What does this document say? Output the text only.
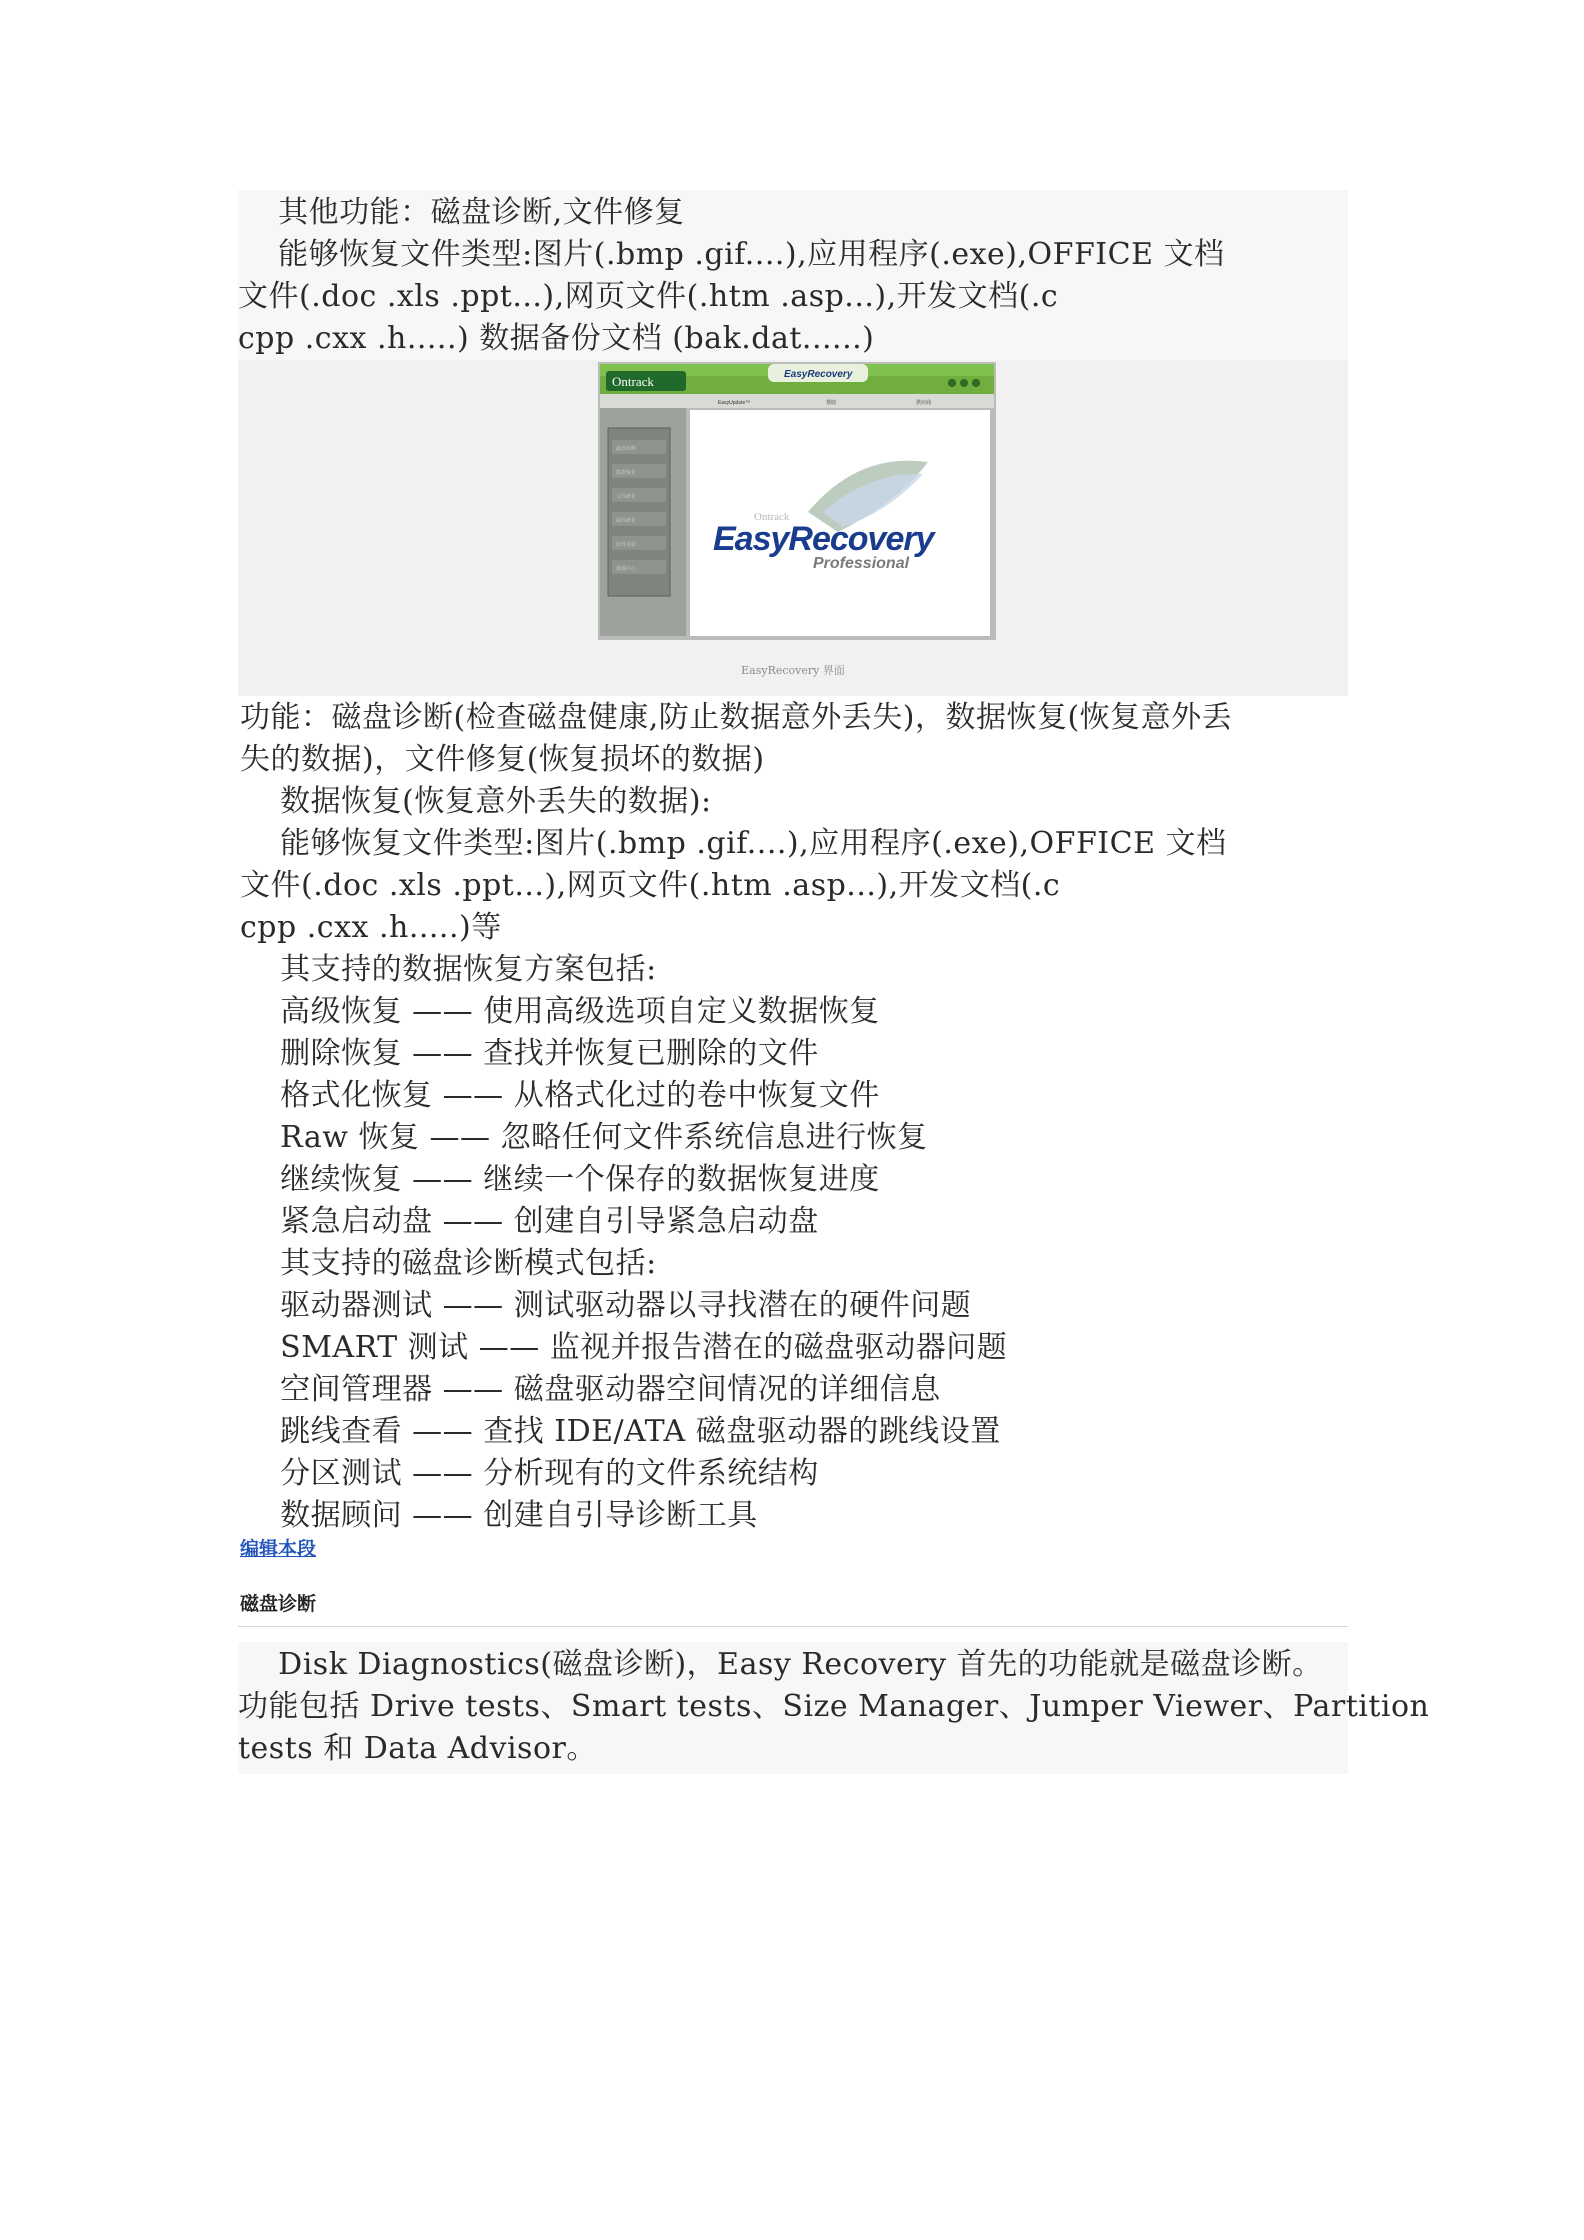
其他功能：磁盘诊断,文件修复
能够恢复文件类型:图片(.bmp .gif....),应用程序(.exe),OFFICE 文档
文件(.doc .xls .ppt...),网页文件(.htm .asp...),开发文档(.c
cpp .cxx .h.....) 数据备份文档 (bak.dat......)
Ontrack	EasyRecovery
EasyUpdate™	帮助	供应商
磁盘诊断
数据恢复
文件修复
邮件修复
软件更新
救援中心
Ontrack
EasyRecovery
Professional
EasyRecovery 界面
功能：磁盘诊断(检查磁盘健康,防止数据意外丢失)，数据恢复(恢复意外丢
失的数据)，文件修复(恢复损坏的数据)
数据恢复(恢复意外丢失的数据):
能够恢复文件类型:图片(.bmp .gif....),应用程序(.exe),OFFICE 文档
文件(.doc .xls .ppt...),网页文件(.htm .asp...),开发文档(.c
cpp .cxx .h.....)等
其支持的数据恢复方案包括:
高级恢复 —— 使用高级选项自定义数据恢复
删除恢复 —— 查找并恢复已删除的文件
格式化恢复 —— 从格式化过的卷中恢复文件
Raw 恢复 —— 忽略任何文件系统信息进行恢复
继续恢复 —— 继续一个保存的数据恢复进度
紧急启动盘 —— 创建自引导紧急启动盘
其支持的磁盘诊断模式包括:
驱动器测试 —— 测试驱动器以寻找潜在的硬件问题
SMART 测试 —— 监视并报告潜在的磁盘驱动器问题
空间管理器 —— 磁盘驱动器空间情况的详细信息
跳线查看 —— 查找 IDE/ATA 磁盘驱动器的跳线设置
分区测试 —— 分析现有的文件系统结构
数据顾问 —— 创建自引导诊断工具
编辑本段
磁盘诊断
Disk Diagnostics(磁盘诊断)，Easy Recovery 首先的功能就是磁盘诊断。
功能包括 Drive tests、Smart tests、Size Manager、Jumper Viewer、Partition
tests 和 Data Advisor。
